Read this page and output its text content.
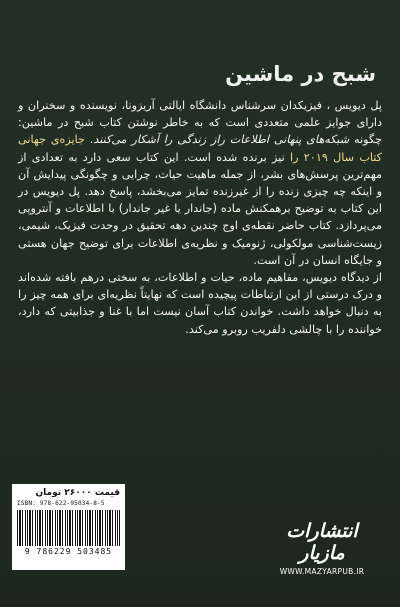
شبح در ماشین

پل دیویس ، فیزیکدان سرشناس دانشگاه ایالتی آریزونا، نویسنده و سخنران و دارای جوایز علمی متعددی است که به خاطر نوشتن کتاب شبح در ماشین: چگونه شبکه‌های پنهانی اطلاعات راز زندگی را آشکار می‌کنند. جایزه‌ی جهانی کتاب سال ۲۰۱۹ را نیز برنده شده است. این کتاب سعی دارد به تعدادی از مهم‌ترین پرسش‌های بشر، از جمله ماهیت حیات، چرایی و چگونگی پیدایش آن و اینکه چه چیزی زنده را از غیرزنده تمایز می‌بخشد، پاسخ دهد. پل دیویس در این کتاب به توضیح برهمکنش ماده (جاندار یا غیر جاندار) با اطلاعات و آنتروپی می‌پردازد. کتاب حاضر نقطه‌ی اوج چندین دهه تحقیق در وحدت فیزیک، شیمی، زیست‌شناسی مولکولی، ژنومیک و نظریه‌ی اطلاعات برای توضیح جهان هستی و جایگاه انسان در آن است.

از دیدگاه دیویس، مفاهیم ماده، حیات و اطلاعات، به سختی درهم بافته شده‌اند و درک درستی از این ارتباطات پیچیده است که نهایتاً نظریه‌ای برای همه چیز را به دنبال خواهد داشت. خواندن کتاب آسان نیست اما با غنا و جذابیتی که دارد، خواننده را با چالشی دلفریب روبرو می‌کند.

قیمت ۲۶۰۰۰ تومان
ISBN: 978-622-95034-8-5
9 786229 503485
انتشارات مازیار
WWW.MAZYARPUB.IR
